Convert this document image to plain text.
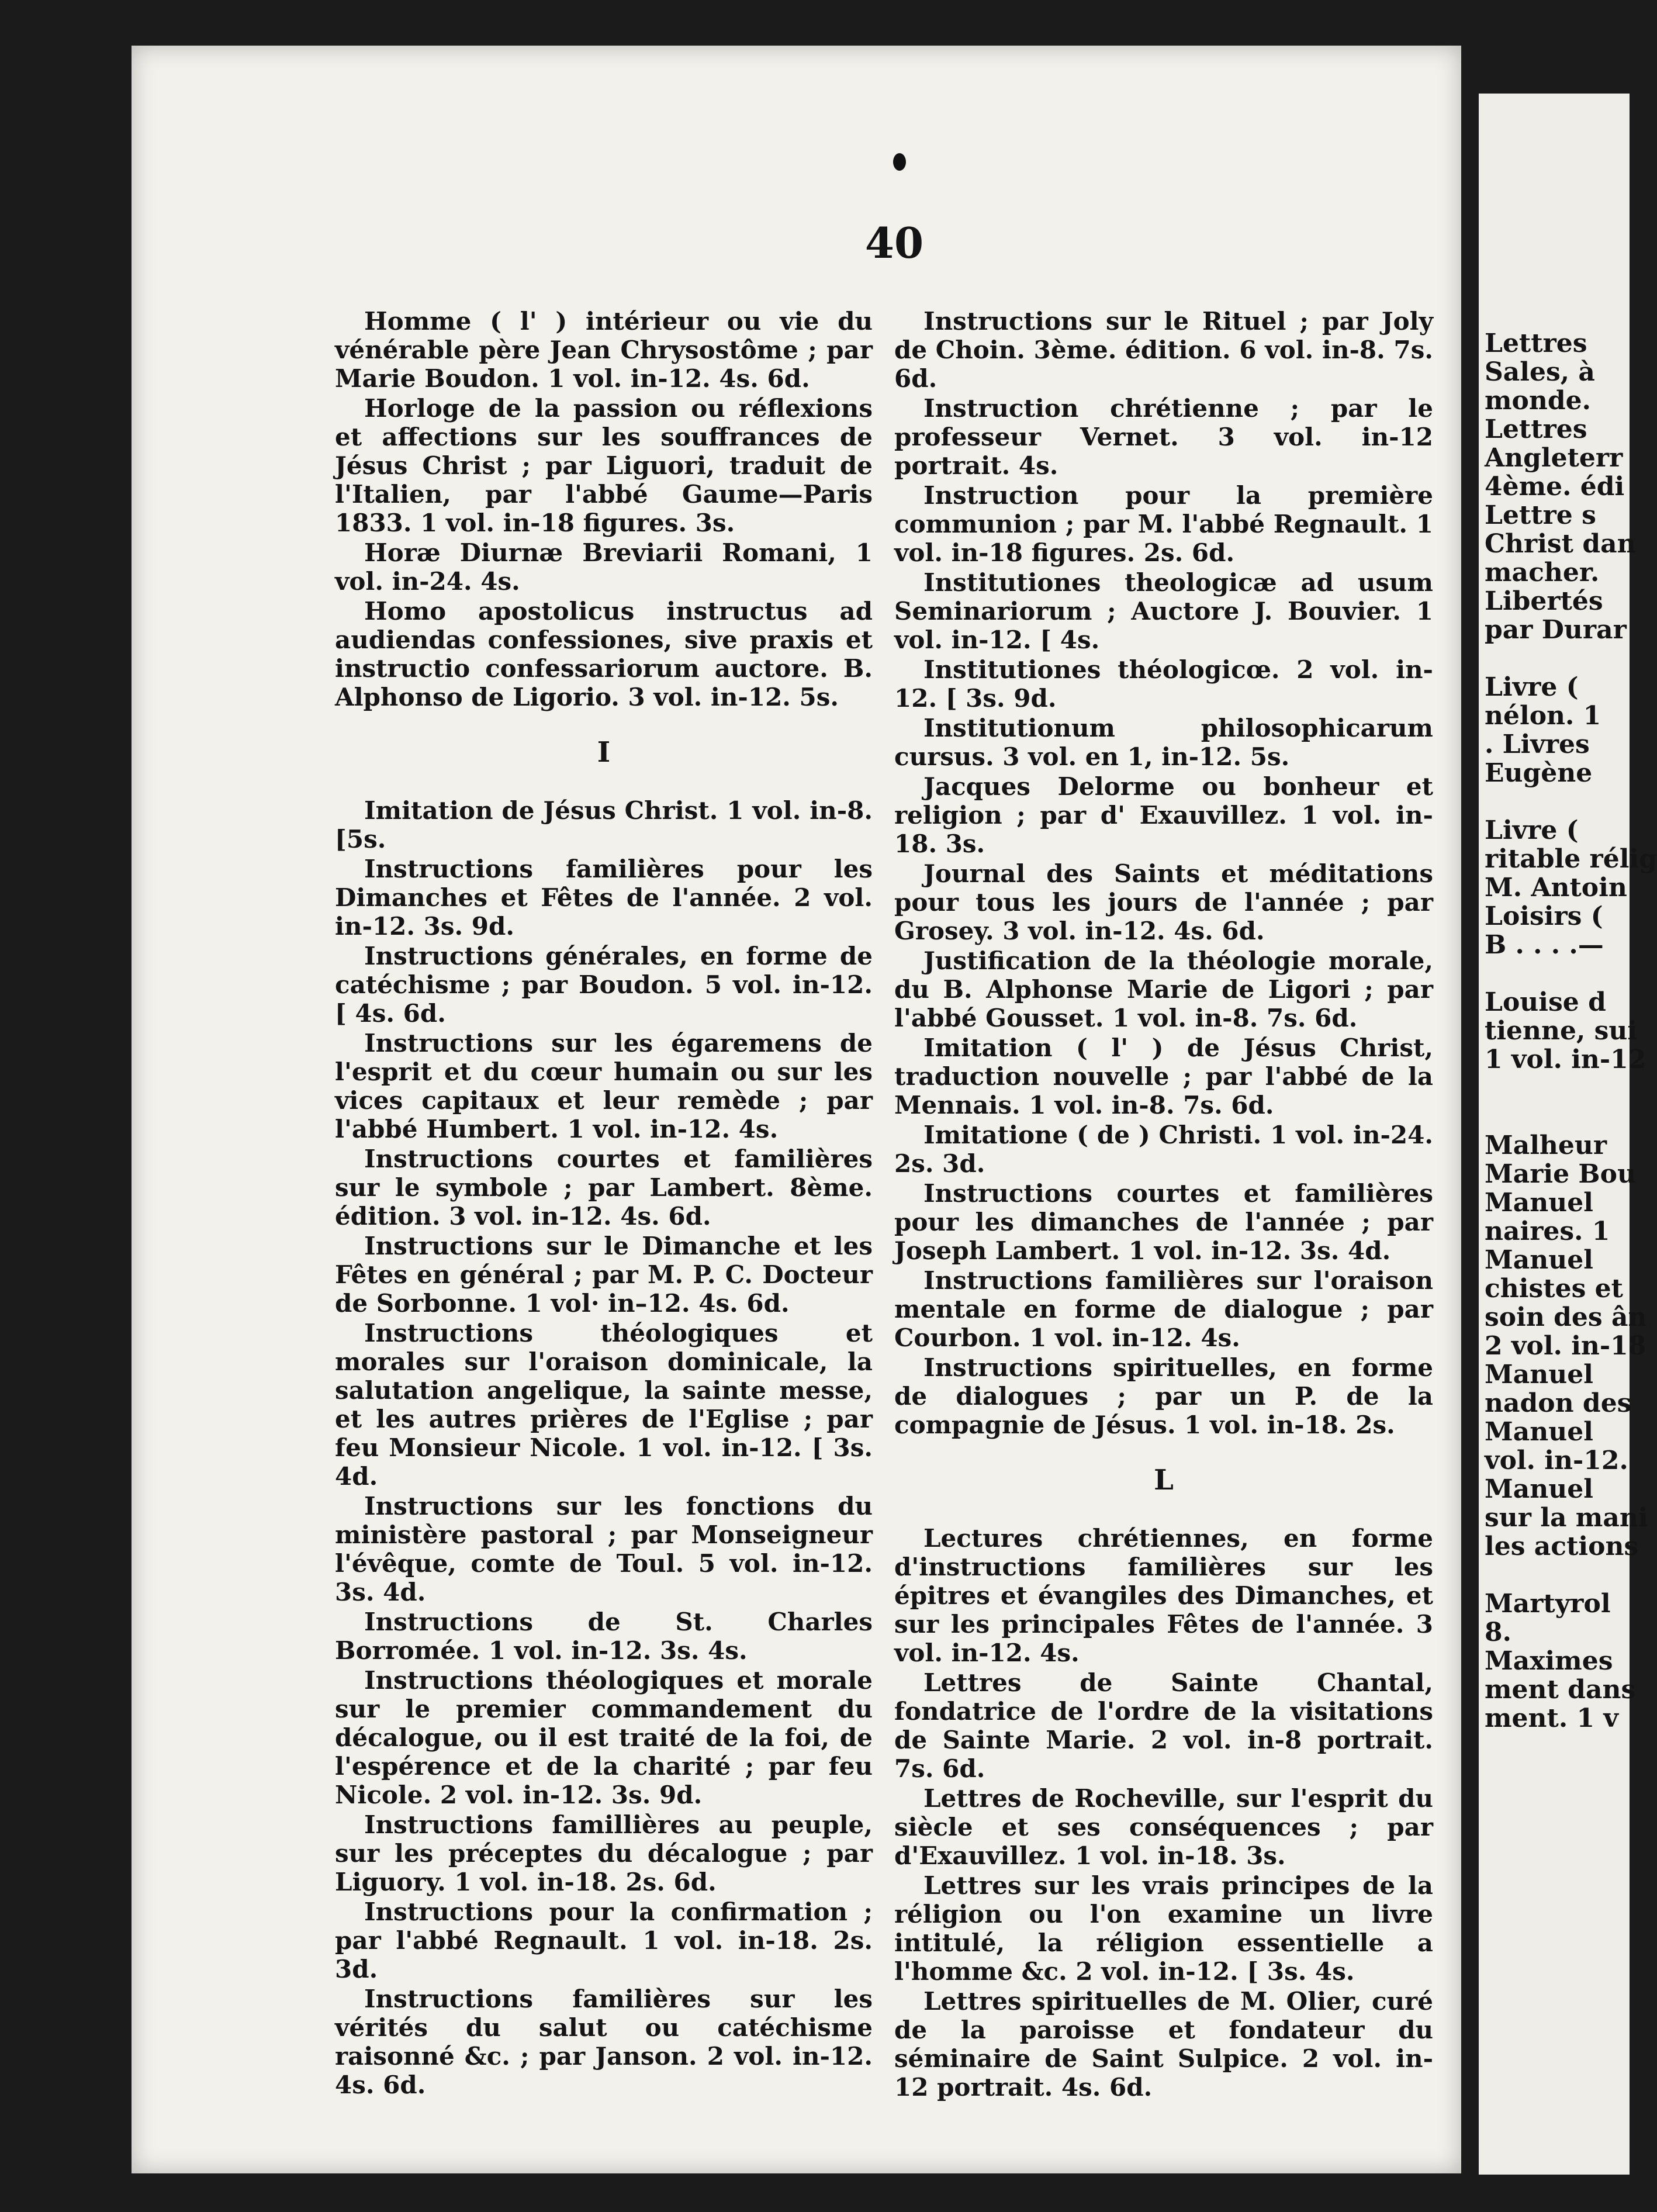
Lettres
Sales, à
monde.
Lettres
Angleterr
4ème. édi
Lettre s
Christ dan
macher.
Libertés
par Durar
Livre (
nélon. 1
. Livres
Eugène
Livre (
ritable rélig
M. Antoin
Loisirs (
B . . . .—
Louise d
tienne, sui
1 vol. in-12
Malheur
Marie Bou
Manuel
naires. 1
Manuel
chistes et
soin des ân
2 vol. in-18
Manuel
nadon des
Manuel
vol. in-12.
Manuel
sur la mani
les actions
Martyrol
8.
Maximes
ment dans
ment. 1 v
40
Homme ( l' ) intérieur ou vie du vénérable père Jean Chrysostôme ; par Marie Boudon. 1 vol. in-12. 4s. 6d.
Horloge de la passion ou réflexions et affections sur les souffrances de Jésus Christ ; par Liguori, traduit de l'Italien, par l'abbé Gaume—Paris 1833. 1 vol. in-18 figures. 3s.
Horæ Diurnæ Breviarii Romani, 1 vol. in-24. 4s.
Homo apostolicus instructus ad audiendas confessiones, sive praxis et instructio confessariorum auctore. B. Alphonso de Ligorio. 3 vol. in-12. 5s.
I
Imitation de Jésus Christ. 1 vol. in-8. [5s.
Instructions familières pour les Dimanches et Fêtes de l'année. 2 vol. in-12. 3s. 9d.
Instructions générales, en forme de catéchisme ; par Boudon. 5 vol. in-12. [ 4s. 6d.
Instructions sur les égaremens de l'esprit et du cœur humain ou sur les vices capitaux et leur remède ; par l'abbé Humbert. 1 vol. in-12. 4s.
Instructions courtes et familières sur le symbole ; par Lambert. 8ème. édition. 3 vol. in-12. 4s. 6d.
Instructions sur le Dimanche et les Fêtes en général ; par M. P. C. Docteur de Sorbonne. 1 vol· in–12. 4s. 6d.
Instructions théologiques et morales sur l'oraison dominicale, la salutation angelique, la sainte messe, et les autres prières de l'Eglise ; par feu Monsieur Nicole. 1 vol. in-12. [ 3s. 4d.
Instructions sur les fonctions du ministère pastoral ; par Monseigneur l'évêque, comte de Toul. 5 vol. in-12. 3s. 4d.
Instructions de St. Charles Borromée. 1 vol. in-12. 3s. 4s.
Instructions théologiques et morale sur le premier commandement du décalogue, ou il est traité de la foi, de l'espérence et de la charité ; par feu Nicole. 2 vol. in-12. 3s. 9d.
Instructions famillières au peuple, sur les préceptes du décalogue ; par Liguory. 1 vol. in-18. 2s. 6d.
Instructions pour la confirmation ; par l'abbé Regnault. 1 vol. in-18. 2s. 3d.
Instructions familières sur les vérités du salut ou catéchisme raisonné &c. ; par Janson. 2 vol. in-12. 4s. 6d.
Instructions sur le Rituel ; par Joly de Choin. 3ème. édition. 6 vol. in-8. 7s. 6d.
Instruction chrétienne ; par le professeur Vernet. 3 vol. in-12 portrait. 4s.
Instruction pour la première communion ; par M. l'abbé Regnault. 1 vol. in-18 figures. 2s. 6d.
Institutiones theologicæ ad usum Seminariorum ; Auctore J. Bouvier. 1 vol. in-12. [ 4s.
Institutiones théologicœ. 2 vol. in-12. [ 3s. 9d.
Institutionum philosophicarum cursus. 3 vol. en 1, in-12. 5s.
Jacques Delorme ou bonheur et religion ; par d' Exauvillez. 1 vol. in-18. 3s.
Journal des Saints et méditations pour tous les jours de l'année ; par Grosey. 3 vol. in-12. 4s. 6d.
Justification de la théologie morale, du B. Alphonse Marie de Ligori ; par l'abbé Gousset. 1 vol. in-8. 7s. 6d.
Imitation ( l' ) de Jésus Christ, traduction nouvelle ; par l'abbé de la Mennais. 1 vol. in-8. 7s. 6d.
Imitatione ( de ) Christi. 1 vol. in-24. 2s. 3d.
Instructions courtes et familières pour les dimanches de l'année ; par Joseph Lambert. 1 vol. in-12. 3s. 4d.
Instructions familières sur l'oraison mentale en forme de dialogue ; par Courbon. 1 vol. in-12. 4s.
Instructions spirituelles, en forme de dialogues ; par un P. de la compagnie de Jésus. 1 vol. in-18. 2s.
L
Lectures chrétiennes, en forme d'instructions familières sur les épitres et évangiles des Dimanches, et sur les principales Fêtes de l'année. 3 vol. in-12. 4s.
Lettres de Sainte Chantal, fondatrice de l'ordre de la visitations de Sainte Marie. 2 vol. in-8 portrait. 7s. 6d.
Lettres de Rocheville, sur l'esprit du siècle et ses conséquences ; par d'Exauvillez. 1 vol. in-18. 3s.
Lettres sur les vrais principes de la réligion ou l'on examine un livre intitulé, la réligion essentielle a l'homme &c. 2 vol. in-12. [ 3s. 4s.
Lettres spirituelles de M. Olier, curé de la paroisse et fondateur du séminaire de Saint Sulpice. 2 vol. in-12 portrait. 4s. 6d.
